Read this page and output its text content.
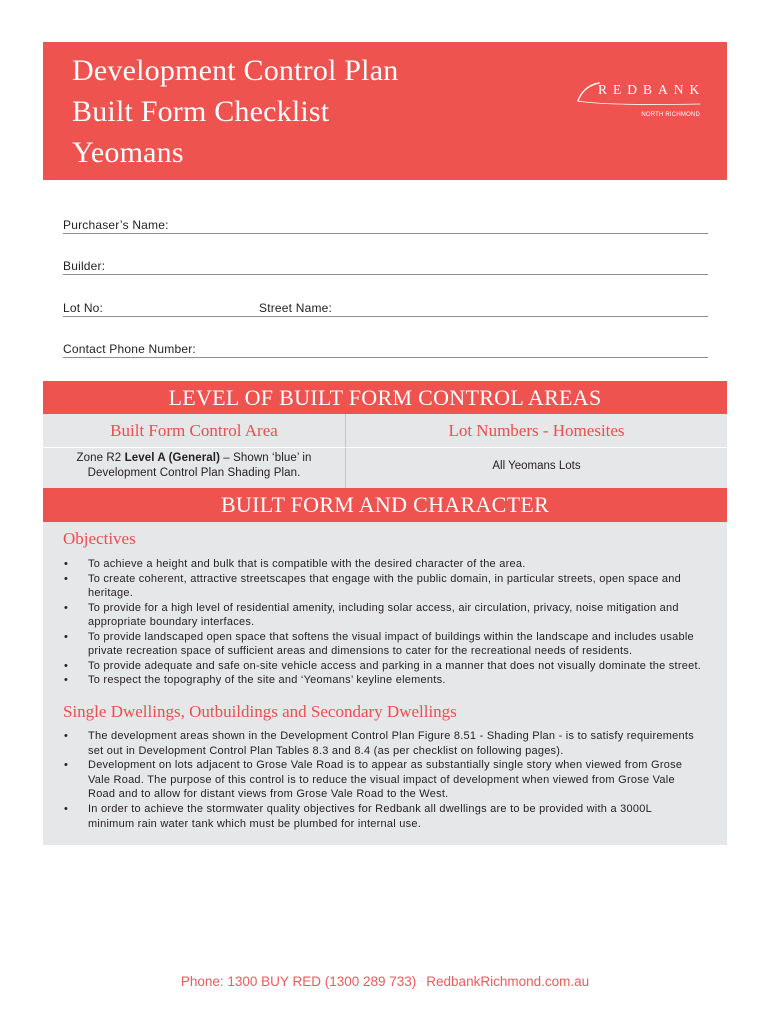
Development Control Plan
Built Form Checklist
Yeomans
REDBANK
NORTH RICHMOND
Purchaser’s Name:
Builder:
Lot No:	Street Name:
Contact Phone Number:
LEVEL OF BUILT FORM CONTROL AREAS
Built Form Control Area	Lot Numbers - Homesites
Zone R2 Level A (General) – Shown ‘blue’ in
Development Control Plan Shading Plan.
All Yeomans Lots
BUILT FORM AND CHARACTER
Objectives
• To achieve a height and bulk that is compatible with the desired character of the area.
• To create coherent, attractive streetscapes that engage with the public domain, in particular streets, open space and
heritage.
• To provide for a high level of residential amenity, including solar access, air circulation, privacy, noise mitigation and
appropriate boundary interfaces.
• To provide landscaped open space that softens the visual impact of buildings within the landscape and includes usable
private recreation space of sufficient areas and dimensions to cater for the recreational needs of residents.
• To provide adequate and safe on-site vehicle access and parking in a manner that does not visually dominate the street.
• To respect the topography of the site and ‘Yeomans’ keyline elements.
Single Dwellings, Outbuildings and Secondary Dwellings
• The development areas shown in the Development Control Plan Figure 8.51 - Shading Plan - is to satisfy requirements
set out in Development Control Plan Tables 8.3 and 8.4 (as per checklist on following pages).
• Development on lots adjacent to Grose Vale Road is to appear as substantially single story when viewed from Grose
Vale Road. The purpose of this control is to reduce the visual impact of development when viewed from Grose Vale
Road and to allow for distant views from Grose Vale Road to the West.
• In order to achieve the stormwater quality objectives for Redbank all dwellings are to be provided with a 3000L
minimum rain water tank which must be plumbed for internal use.
Phone: 1300 BUY RED (1300 289 733) RedbankRichmond.com.au
